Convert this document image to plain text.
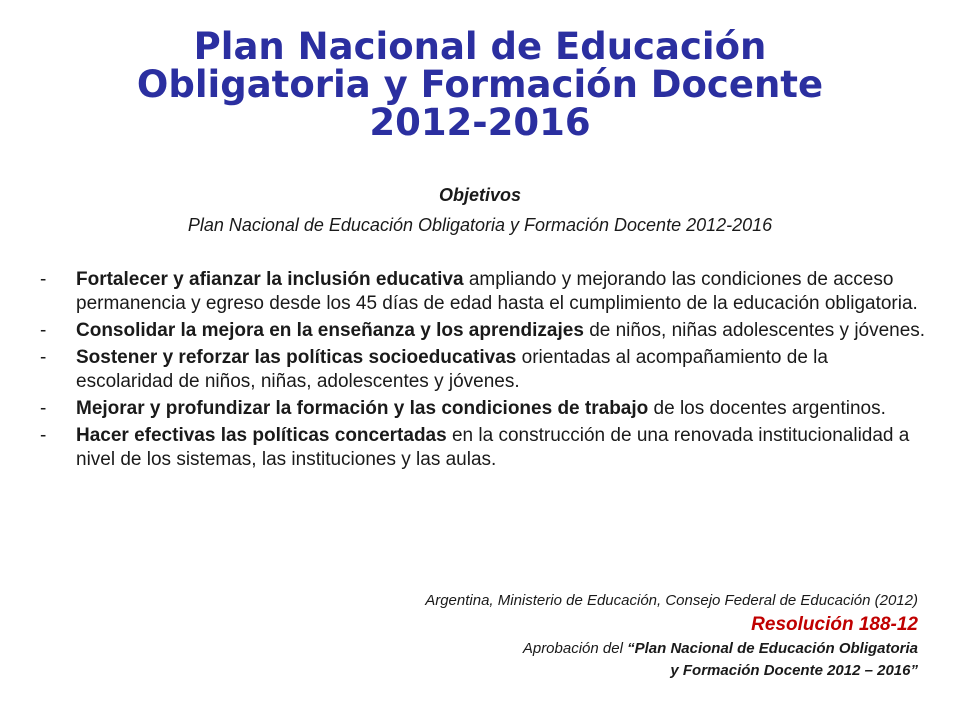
Plan Nacional de Educación
Obligatoria y Formación Docente
2012-2016
Objetivos
Plan Nacional de Educación Obligatoria y Formación Docente 2012-2016
- Fortalecer y afianzar la inclusión educativa ampliando y mejorando las condiciones de acceso permanencia y egreso desde los 45 días de edad hasta el cumplimiento de la educación obligatoria.
- Consolidar la mejora en la enseñanza y los aprendizajes de niños, niñas adolescentes y jóvenes.
- Sostener y reforzar las políticas socioeducativas orientadas al acompañamiento de la escolaridad de niños, niñas, adolescentes y jóvenes.
- Mejorar y profundizar la formación y las condiciones de trabajo de los docentes argentinos.
- Hacer efectivas las políticas concertadas en la construcción de una renovada institucionalidad a nivel de los sistemas, las instituciones y las aulas.
Argentina, Ministerio de Educación, Consejo Federal de Educación (2012)
Resolución 188-12
Aprobación del “Plan Nacional de Educación Obligatoria
y Formación Docente 2012 – 2016”
